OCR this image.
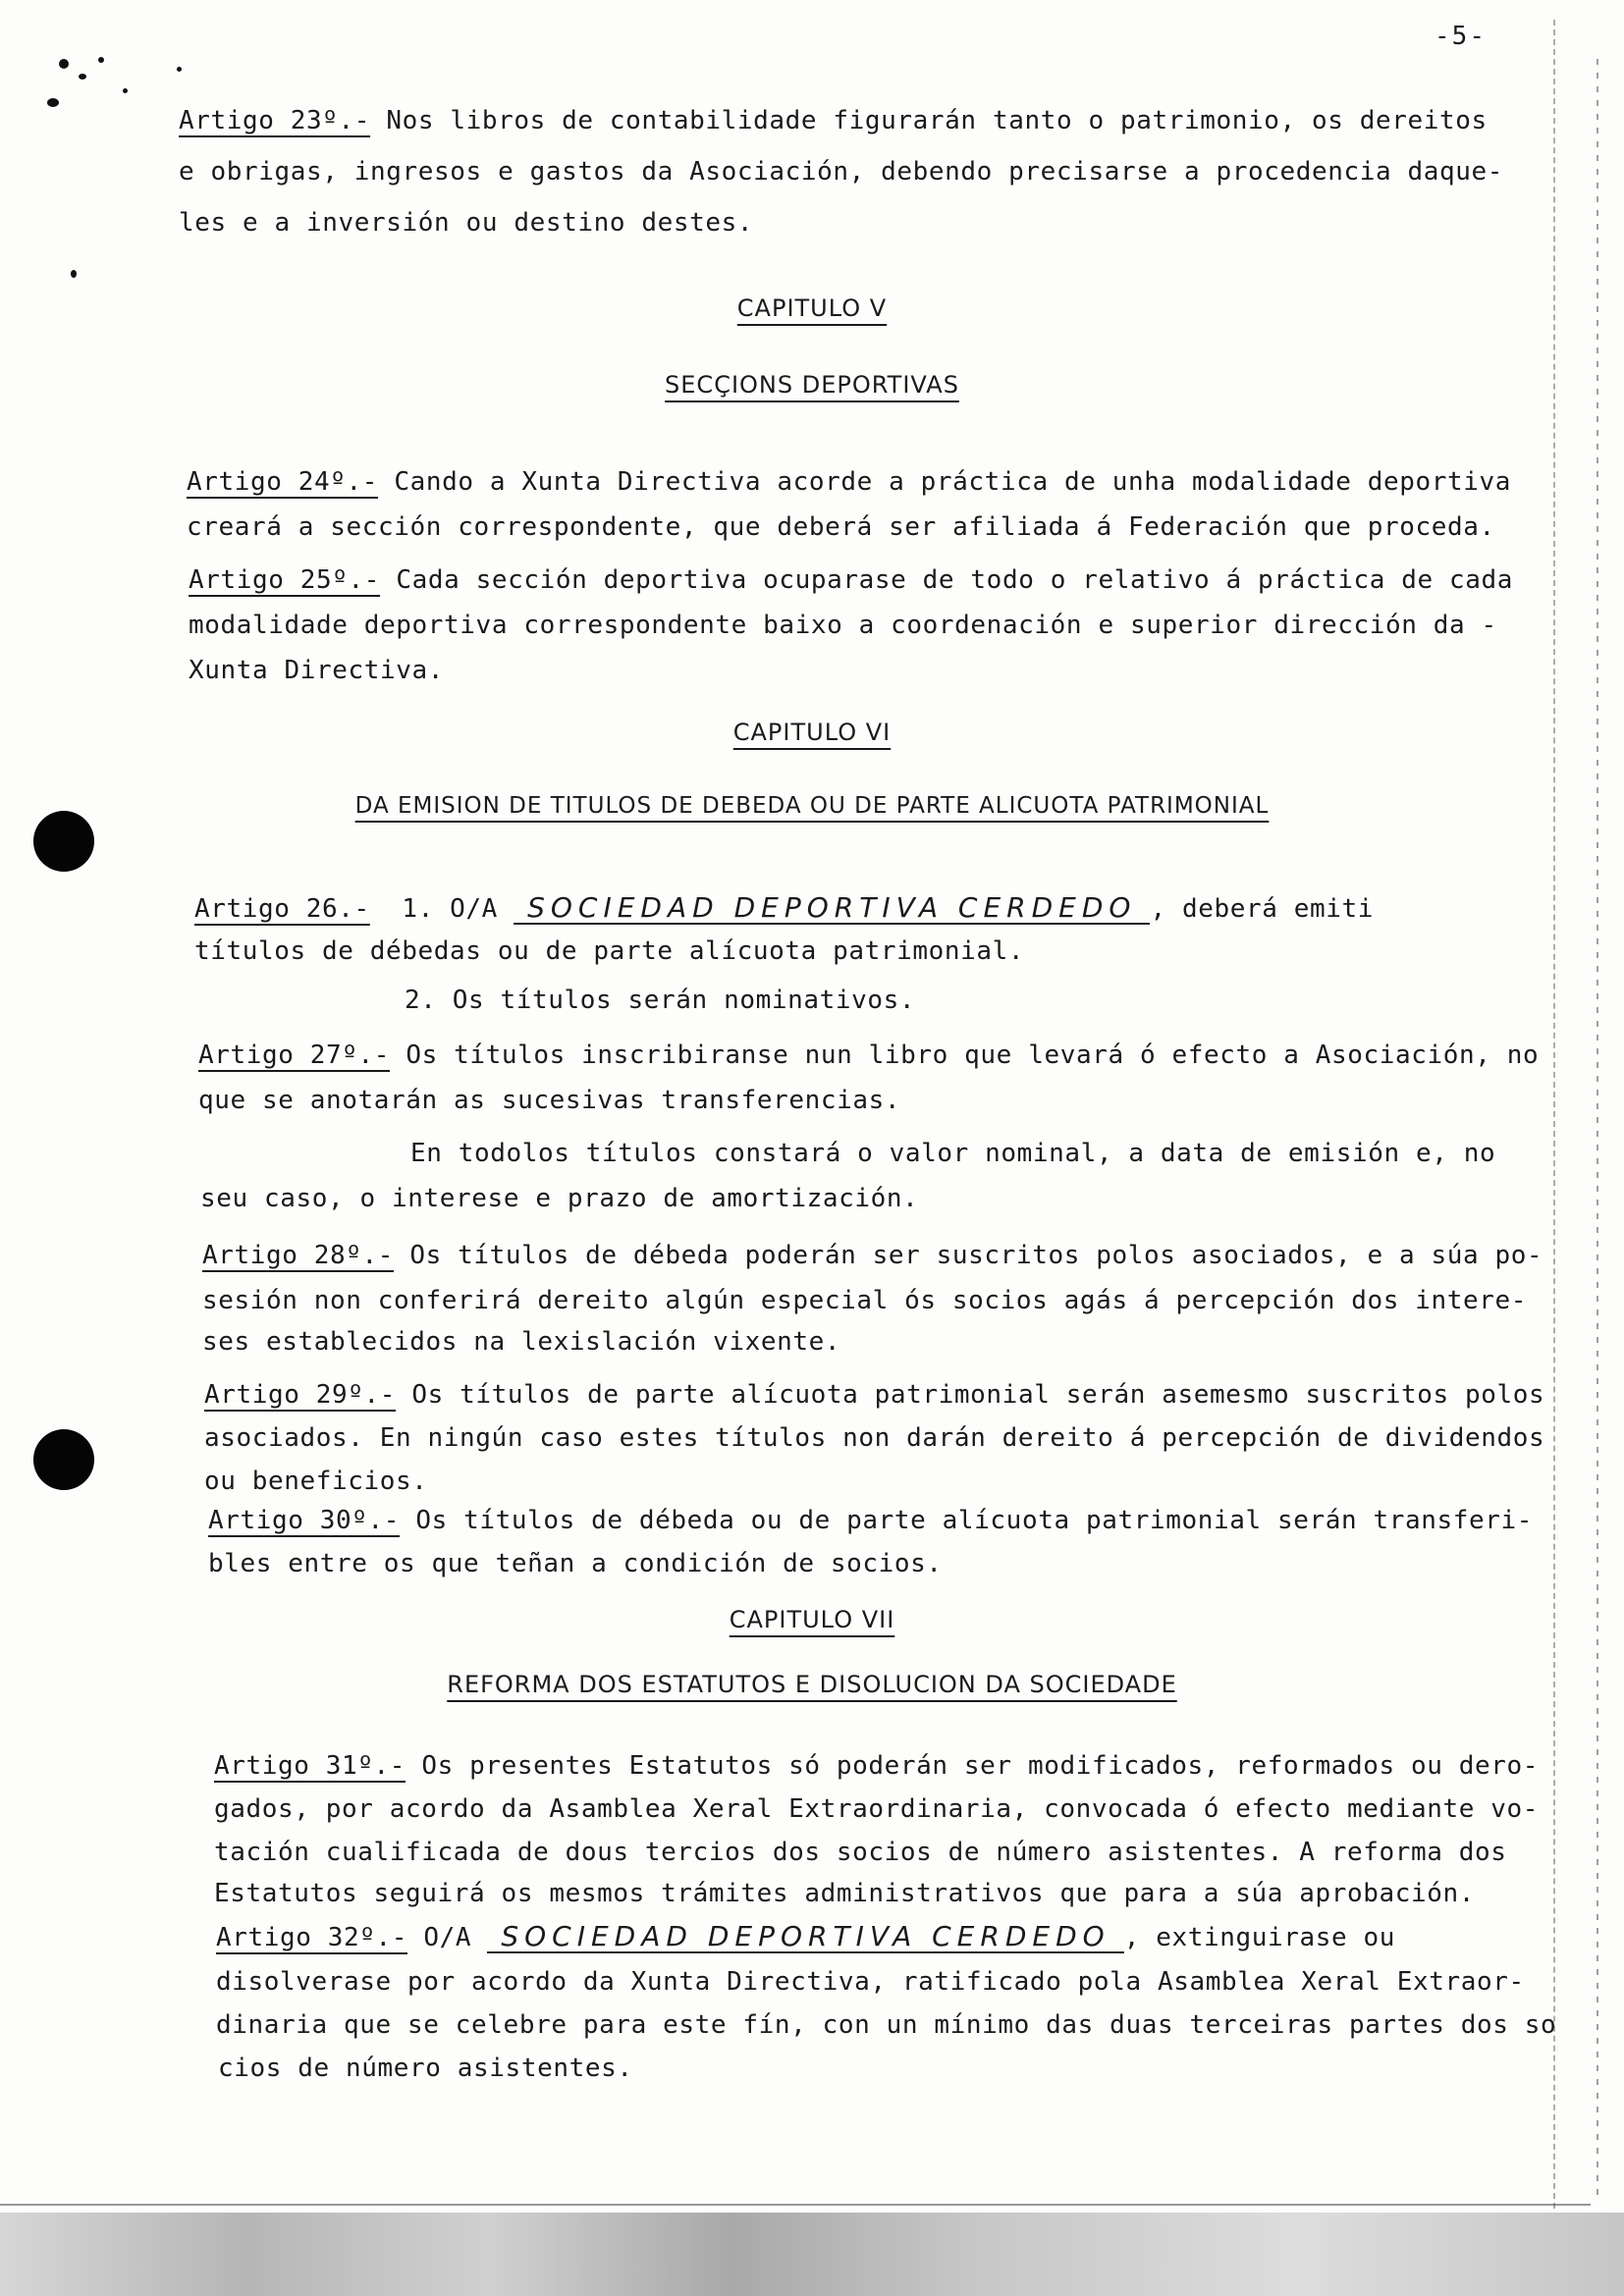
-5-
Artigo 23º.- Nos libros de contabilidade figurarán tanto o patrimonio, os dereitos
e obrigas, ingresos e gastos da Asociación, debendo precisarse a procedencia daque-
les e a inversión ou destino destes.
CAPITULO V
SECÇIONS DEPORTIVAS
Artigo 24º.- Cando a Xunta Directiva acorde a práctica de unha modalidade deportiva
creará a sección correspondente, que deberá ser afiliada á Federación que proceda.
Artigo 25º.- Cada sección deportiva ocuparase de todo o relativo á práctica de cada
modalidade deportiva correspondente baixo a coordenación e superior dirección da -
Xunta Directiva.
CAPITULO VI
DA EMISION DE TITULOS DE DEBEDA OU DE PARTE ALICUOTA PATRIMONIAL
Artigo 26.- 1. O/A SOCIEDAD DEPORTIVA CERDEDO , deberá emiti
títulos de débedas ou de parte alícuota patrimonial.
2. Os títulos serán nominativos.
Artigo 27º.- Os títulos inscribiranse nun libro que levará ó efecto a Asociación, no
que se anotarán as sucesivas transferencias.
En todolos títulos constará o valor nominal, a data de emisión e, no
seu caso, o interese e prazo de amortización.
Artigo 28º.- Os títulos de débeda poderán ser suscritos polos asociados, e a súa po-
sesión non conferirá dereito algún especial ós socios agás á percepción dos intere-
ses establecidos na lexislación vixente.
Artigo 29º.- Os títulos de parte alícuota patrimonial serán asemesmo suscritos polos
asociados. En ningún caso estes títulos non darán dereito á percepción de dividendos
ou beneficios.
Artigo 30º.- Os títulos de débeda ou de parte alícuota patrimonial serán transferi-
bles entre os que teñan a condición de socios.
CAPITULO VII
REFORMA DOS ESTATUTOS E DISOLUCION DA SOCIEDADE
Artigo 31º.- Os presentes Estatutos só poderán ser modificados, reformados ou dero-
gados, por acordo da Asamblea Xeral Extraordinaria, convocada ó efecto mediante vo-
tación cualificada de dous tercios dos socios de número asistentes. A reforma dos
Estatutos seguirá os mesmos trámites administrativos que para a súa aprobación.
Artigo 32º.- O/A SOCIEDAD DEPORTIVA CERDEDO , extinguirase ou
disolverase por acordo da Xunta Directiva, ratificado pola Asamblea Xeral Extraor-
dinaria que se celebre para este fín, con un mínimo das duas terceiras partes dos so
cios de número asistentes.
